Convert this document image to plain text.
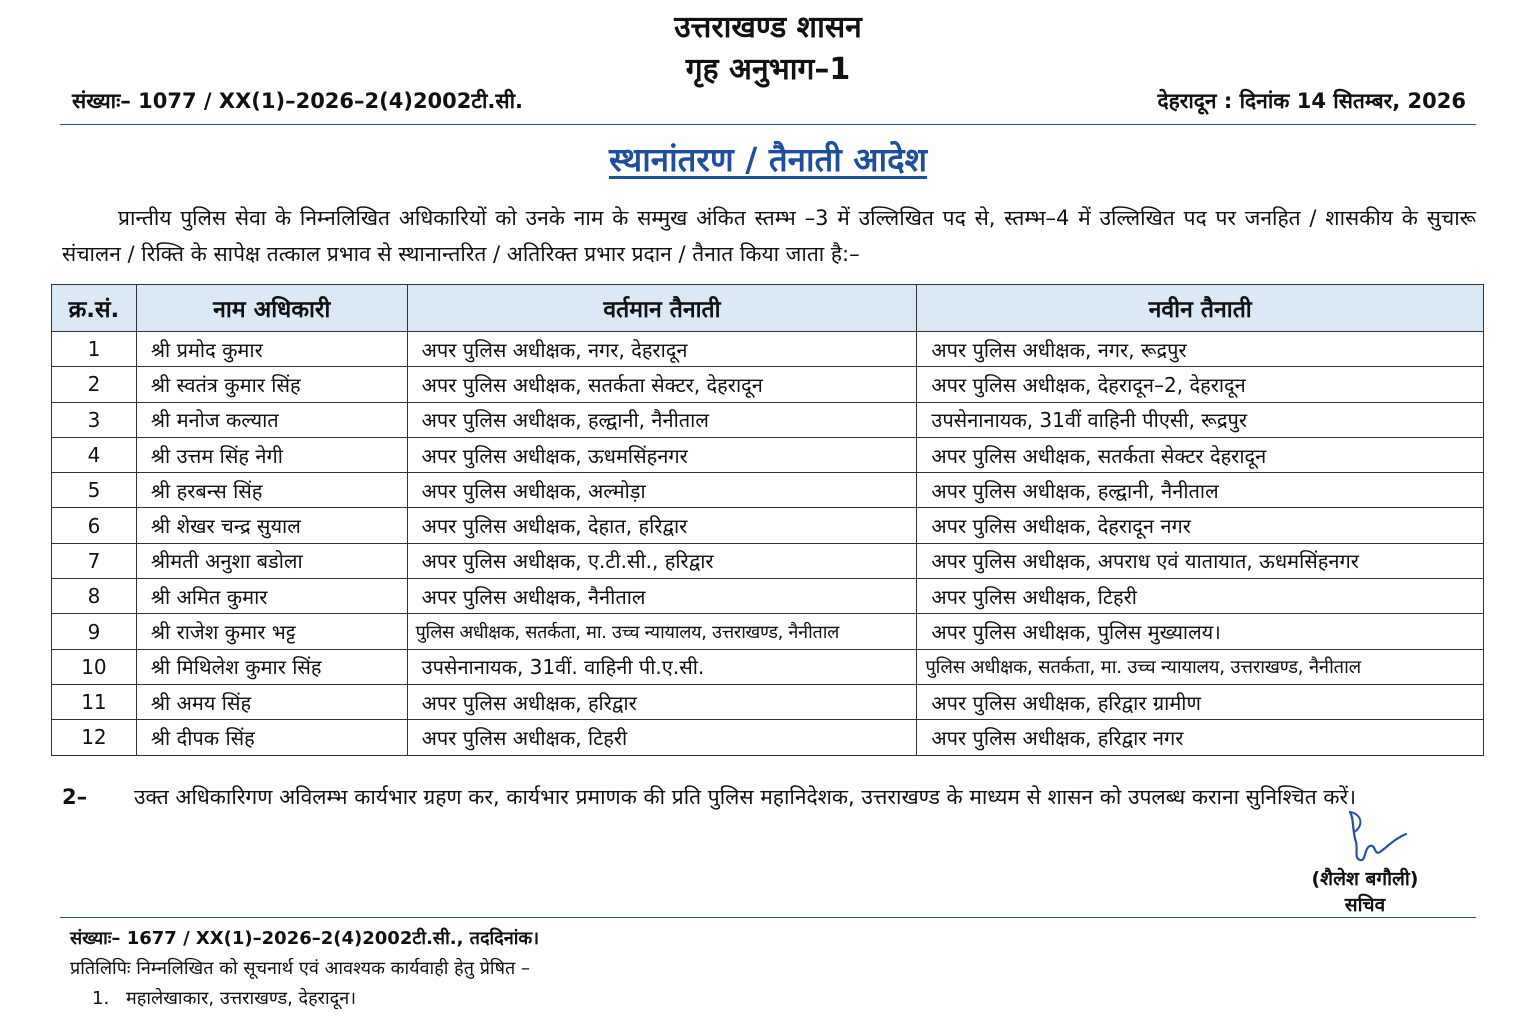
उत्तराखण्ड शासन
गृह अनुभाग–1
संख्याः– 1077 / XX(1)–2026–2(4)2002टी.सी.	देहरादून : दिनांक 14 सितम्बर, 2026
स्थानांतरण / तैनाती आदेश
प्रान्तीय पुलिस सेवा के निम्नलिखित अधिकारियों को उनके नाम के सम्मुख अंकित स्तम्भ –3 में उल्लिखित पद से, स्तम्भ–4 में उल्लिखित पद पर जनहित / शासकीय के सुचारू संचालन / रिक्ति के सापेक्ष तत्काल प्रभाव से स्थानान्तरित / अतिरिक्त प्रभार प्रदान / तैनात किया जाता है:–
क्र.सं.	नाम अधिकारी	वर्तमान तैनाती	नवीन तैनाती
1	श्री प्रमोद कुमार	अपर पुलिस अधीक्षक, नगर, देहरादून	अपर पुलिस अधीक्षक, नगर, रूद्रपुर
2	श्री स्वतंत्र कुमार सिंह	अपर पुलिस अधीक्षक, सतर्कता सेक्टर, देहरादून	अपर पुलिस अधीक्षक, देहरादून–2, देहरादून
3	श्री मनोज कल्यात	अपर पुलिस अधीक्षक, हल्द्वानी, नैनीताल	उपसेनानायक, 31वीं वाहिनी पीएसी, रूद्रपुर
4	श्री उत्तम सिंह नेगी	अपर पुलिस अधीक्षक, ऊधमसिंहनगर	अपर पुलिस अधीक्षक, सतर्कता सेक्टर देहरादून
5	श्री हरबन्स सिंह	अपर पुलिस अधीक्षक, अल्मोड़ा	अपर पुलिस अधीक्षक, हल्द्वानी, नैनीताल
6	श्री शेखर चन्द्र सुयाल	अपर पुलिस अधीक्षक, देहात, हरिद्वार	अपर पुलिस अधीक्षक, देहरादून नगर
7	श्रीमती अनुशा बडोला	अपर पुलिस अधीक्षक, ए.टी.सी., हरिद्वार	अपर पुलिस अधीक्षक, अपराध एवं यातायात, ऊधमसिंहनगर
8	श्री अमित कुमार	अपर पुलिस अधीक्षक, नैनीताल	अपर पुलिस अधीक्षक, टिहरी
9	श्री राजेश कुमार भट्ट	पुलिस अधीक्षक, सतर्कता, मा. उच्च न्यायालय, उत्तराखण्ड, नैनीताल	अपर पुलिस अधीक्षक, पुलिस मुख्यालय।
10	श्री मिथिलेश कुमार सिंह	उपसेनानायक, 31वीं. वाहिनी पी.ए.सी.	पुलिस अधीक्षक, सतर्कता, मा. उच्च न्यायालय, उत्तराखण्ड, नैनीताल
11	श्री अमय सिंह	अपर पुलिस अधीक्षक, हरिद्वार	अपर पुलिस अधीक्षक, हरिद्वार ग्रामीण
12	श्री दीपक सिंह	अपर पुलिस अधीक्षक, टिहरी	अपर पुलिस अधीक्षक, हरिद्वार नगर
2– उक्त अधिकारिगण अविलम्भ कार्यभार ग्रहण कर, कार्यभार प्रमाणक की प्रति पुलिस महानिदेशक, उत्तराखण्ड के माध्यम से शासन को उपलब्ध कराना सुनिश्चित करें।
(शैलेश बगौली)
सचिव
संख्याः– 1677 / XX(1)–2026–2(4)2002टी.सी., तददिनांक।
प्रतिलिपिः निम्नलिखित को सूचनार्थ एवं आवश्यक कार्यवाही हेतु प्रेषित –
1. महालेखाकार, उत्तराखण्ड, देहरादून।
